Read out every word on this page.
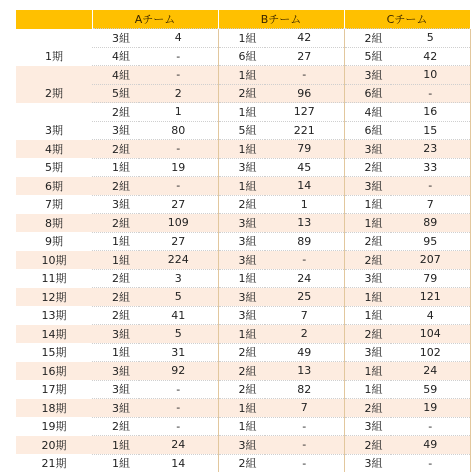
	Aチーム		Bチーム		Cチーム	
	3組	4	1組	42	2組	5
1期	4組	-	6組	27	5組	42
	4組	-	1組	-	3組	10
2期	5組	2	2組	96	6組	-
	2組	1	1組	127	4組	16
3期	3組	80	5組	221	6組	15
4期	2組	-	1組	79	3組	23
5期	1組	19	3組	45	2組	33
6期	2組	-	1組	14	3組	-
7期	3組	27	2組	1	1組	7
8期	2組	109	3組	13	1組	89
9期	1組	27	3組	89	2組	95
10期	1組	224	3組	-	2組	207
11期	2組	3	1組	24	3組	79
12期	2組	5	3組	25	1組	121
13期	2組	41	3組	7	1組	4
14期	3組	5	1組	2	2組	104
15期	1組	31	2組	49	3組	102
16期	3組	92	2組	13	1組	24
17期	3組	-	2組	82	1組	59
18期	3組	-	1組	7	2組	19
19期	2組	-	1組	-	3組	-
20期	1組	24	3組	-	2組	49
21期	1組	14	2組	-	3組	-
